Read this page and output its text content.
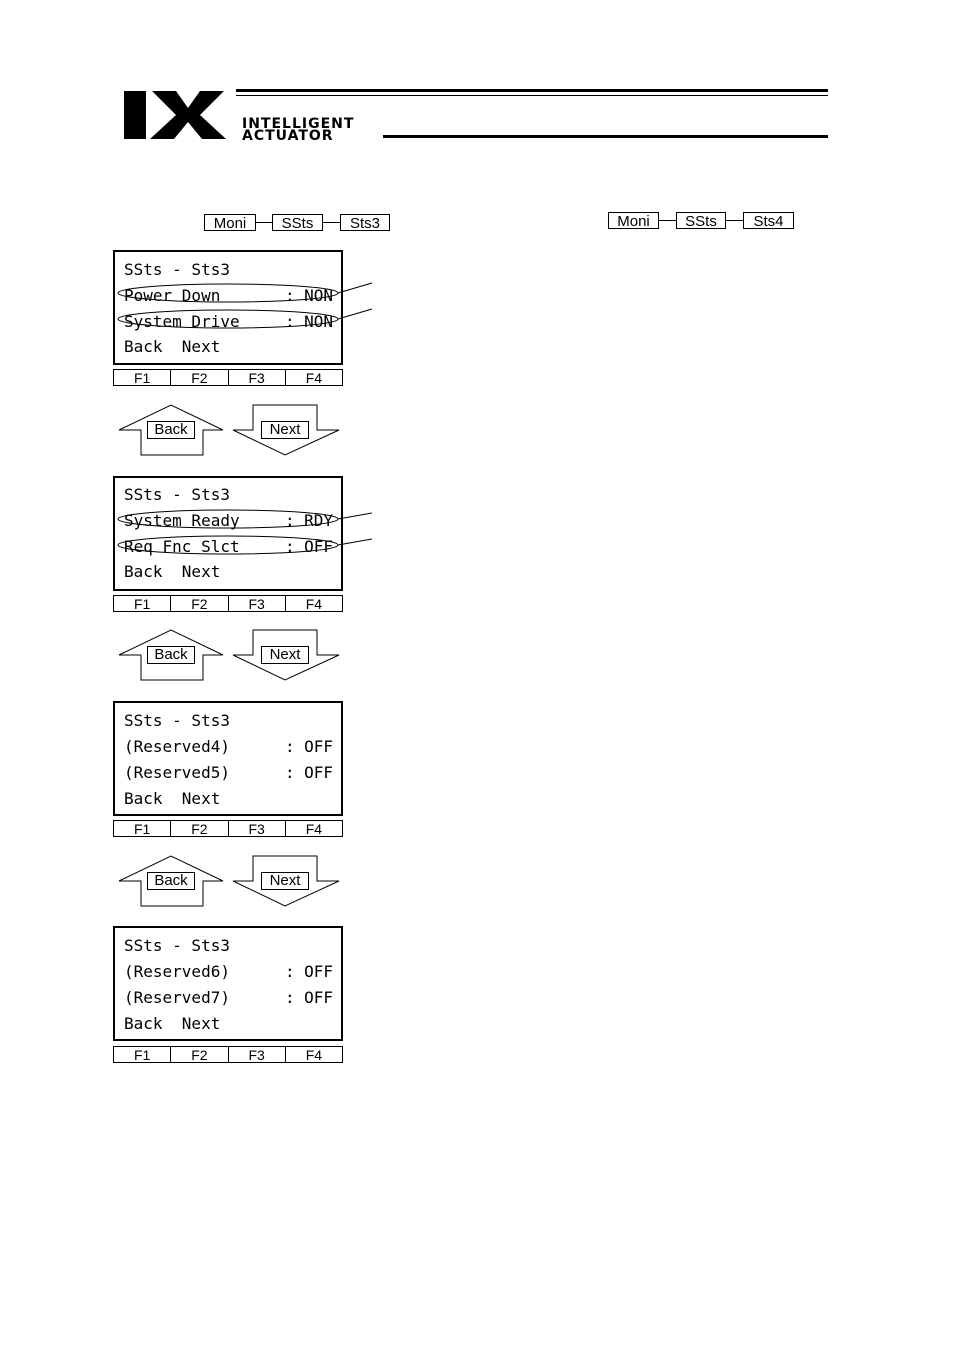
INTELLIGENT
ACTUATOR
Moni	SSts	Sts3	Moni	SSts	Sts4
SSts - Sts3
Power Down	: NON
System Drive	: NON
Back  Next
F1	F2	F3	F4
Back	Next
SSts - Sts3
System Ready	: RDY
Req Fnc Slct	: OFF
Back  Next
F1	F2	F3	F4
Back	Next
SSts - Sts3
(Reserved4)	: OFF
(Reserved5)	: OFF
Back  Next
F1	F2	F3	F4
Back	Next
SSts - Sts3
(Reserved6)	: OFF
(Reserved7)	: OFF
Back  Next
F1	F2	F3	F4
